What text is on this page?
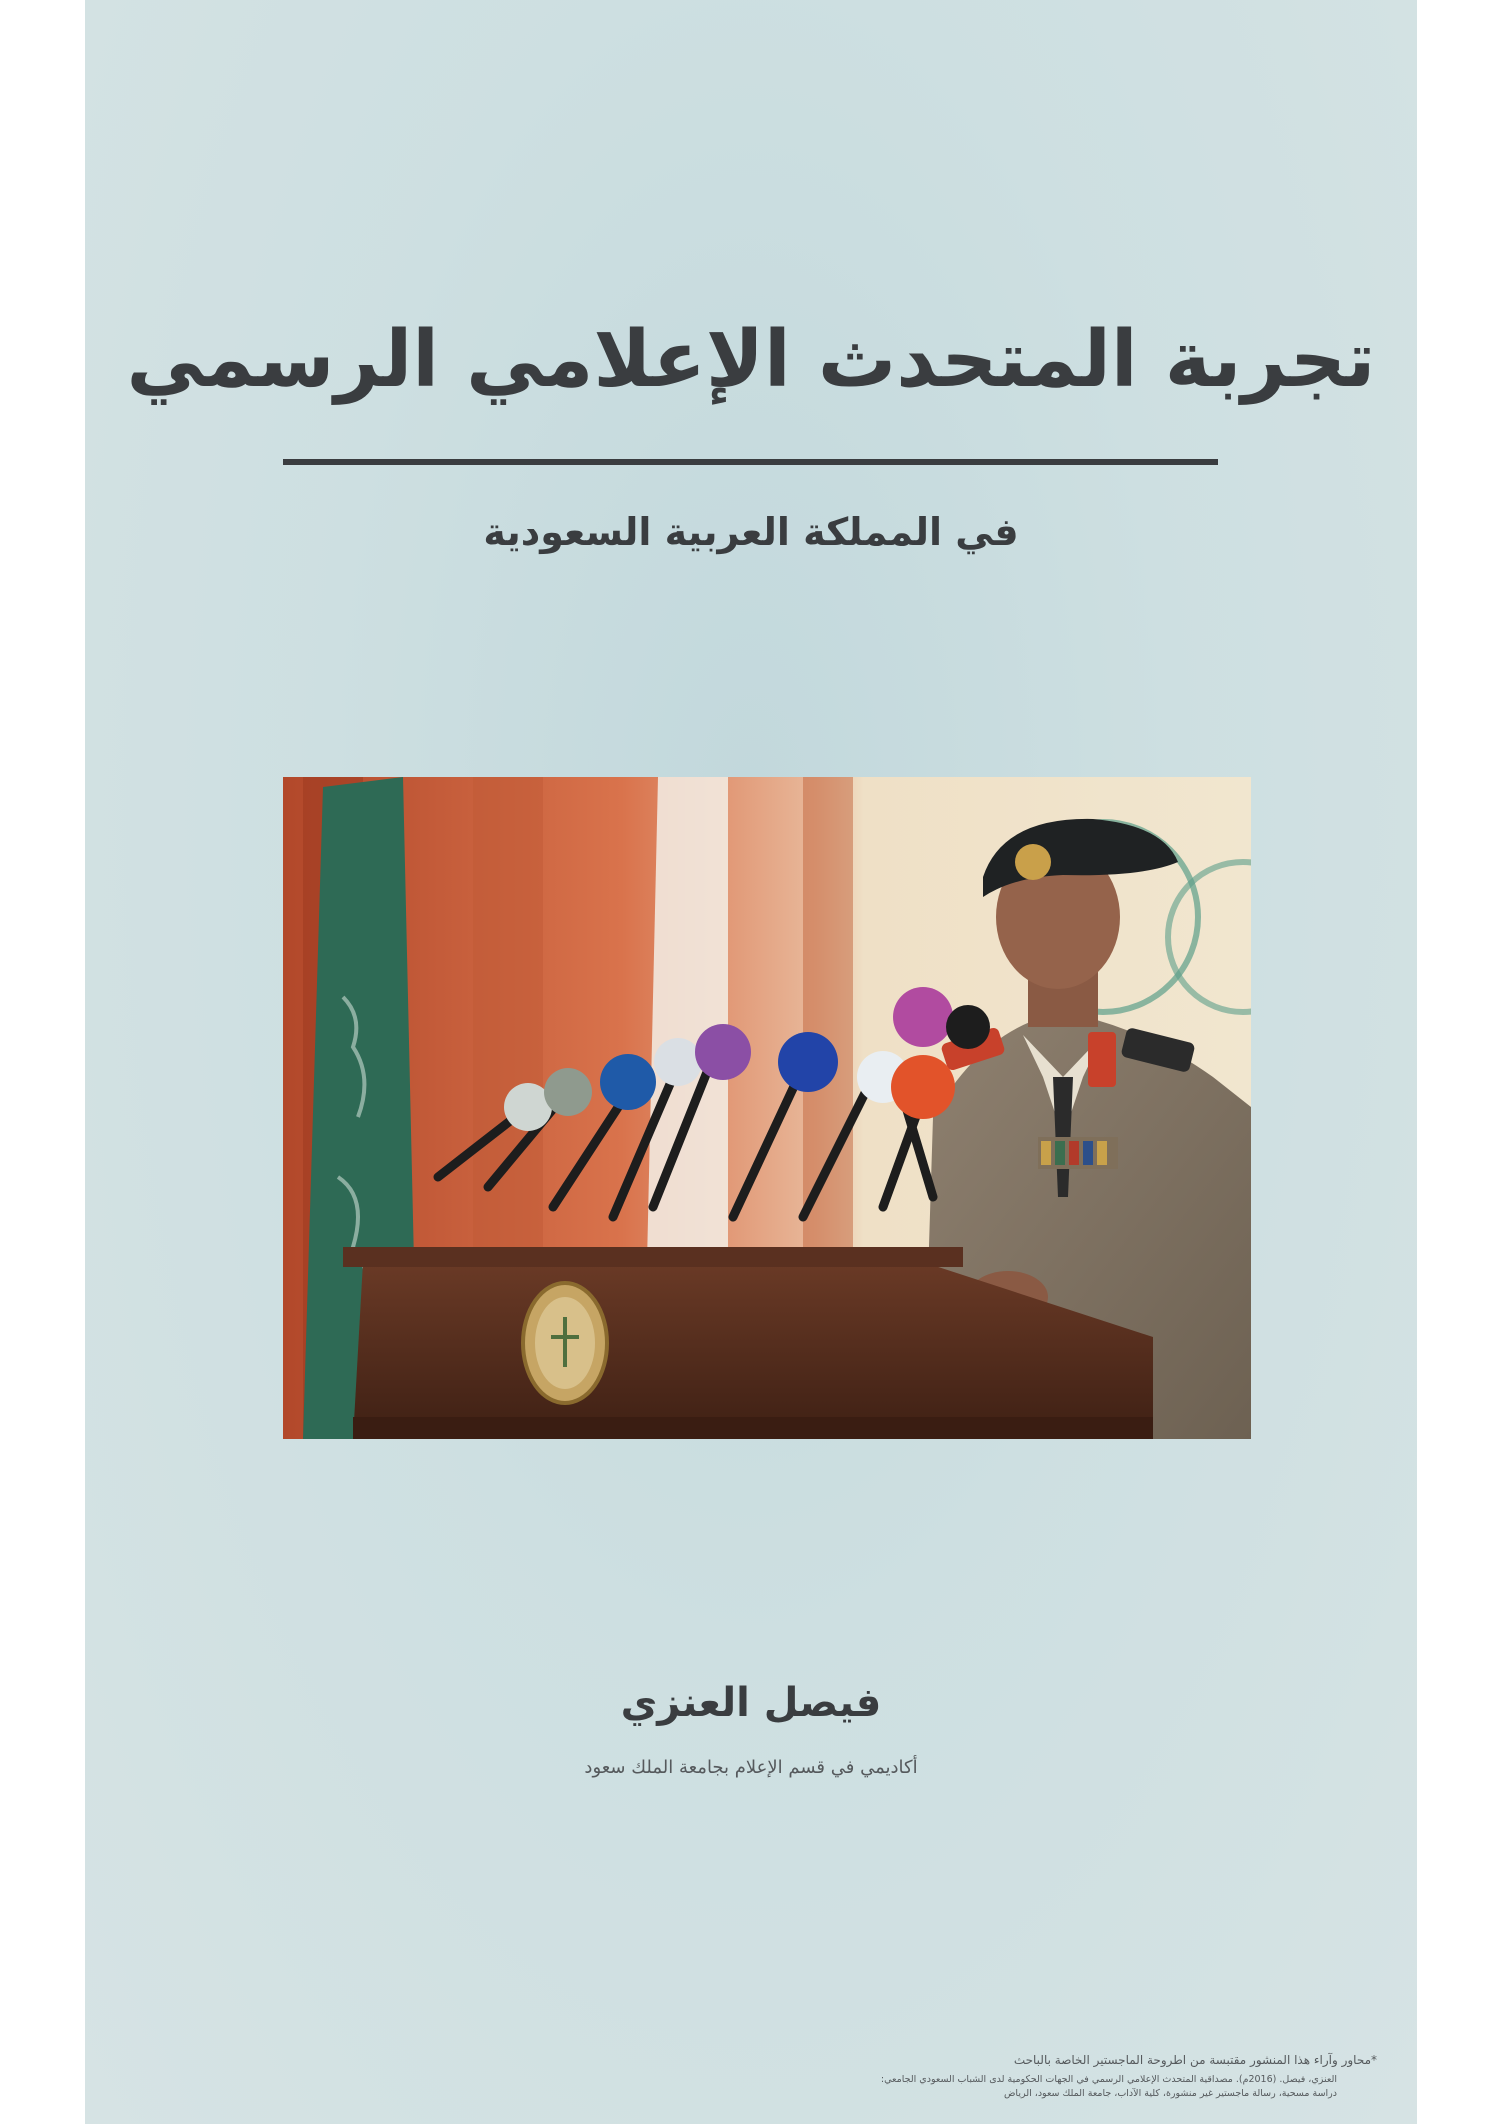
تجربة المتحدث الإعلامي الرسمي
في المملكة العربية السعودية
فيصل العنزي
أكاديمي في قسم الإعلام بجامعة الملك سعود

*محاور وآراء هذا المنشور مقتبسة من اطروحة الماجستير الخاصة بالباحث

العنزي، فيصل. (2016م). مصداقية المتحدث الإعلامي الرسمي في الجهات الحكومية لدى الشباب السعودي الجامعي: دراسة مسحية، رسالة ماجستير غير منشورة، كلية الآداب، جامعة الملك سعود، الرياض
